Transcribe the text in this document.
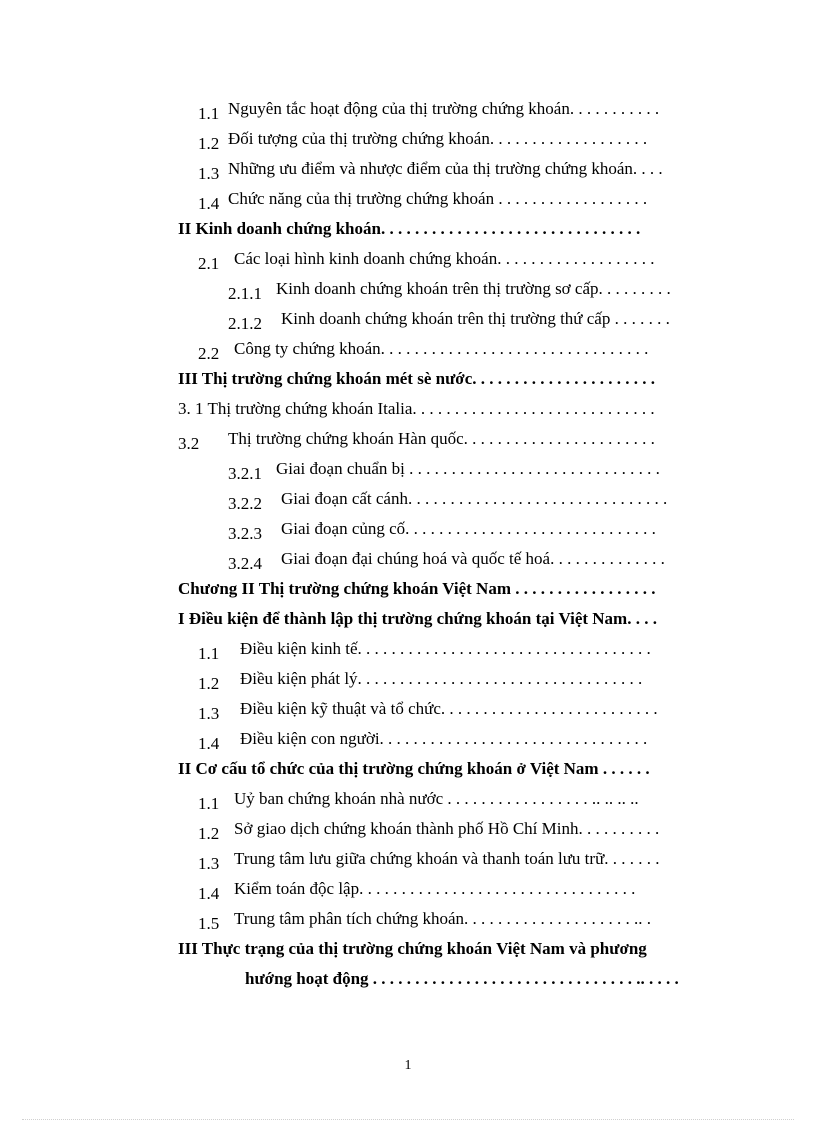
1.1 Nguyên tắc hoạt động của thị trường chứng khoán. . . . . . . . . . .
1.2 Đối tượng của thị trường chứng khoán. . . . . . . . . . . . . . . . . . .
1.3 Những ưu điểm và nhược điểm của thị trường chứng khoán. . . .
1.4 Chức năng của thị trường chứng khoán . . . . . . . . . . . . . . . . . .
II Kinh doanh chứng khoán. . . . . . . . . . . . . . . . . . . . . . . . . . . . . . .
2.1 Các loại hình kinh doanh chứng khoán. . . . . . . . . . . . . . . . . . .
2.1.1 Kinh doanh chứng khoán trên thị trường sơ cấp. . . . . . . . .
2.1.2 Kinh doanh chứng khoán trên thị trường thứ cấp . . . . . . .
2.2 Công ty chứng khoán. . . . . . . . . . . . . . . . . . . . . . . . . . . . . . . .
III Thị trường chứng khoán mét sè nước. . . . . . . . . . . . . . . . . . . . . .
3. 1 Thị trường chứng khoán Italia. . . . . . . . . . . . . . . . . . . . . . . . . . . . .
3.2 Thị trường chứng khoán Hàn quốc. . . . . . . . . . . . . . . . . . . . . . .
3.2.1 Giai đoạn chuẩn bị . . . . . . . . . . . . . . . . . . . . . . . . . . . . . .
3.2.2 Giai đoạn cất cánh. . . . . . . . . . . . . . . . . . . . . . . . . . . . . . .
3.2.3 Giai đoạn củng cố. . . . . . . . . . . . . . . . . . . . . . . . . . . . . .
3.2.4 Giai đoạn đại chúng hoá và quốc tế hoá. . . . . . . . . . . . . .
Chương II Thị trường chứng khoán Việt Nam . . . . . . . . . . . . . . . . .
I Điều kiện để thành lập thị trường chứng khoán tại Việt Nam. . . .
1.1 Điều kiện kinh tế. . . . . . . . . . . . . . . . . . . . . . . . . . . . . . . . . . .
1.2 Điều kiện phát lý. . . . . . . . . . . . . . . . . . . . . . . . . . . . . . . . . .
1.3 Điều kiện kỹ thuật và tổ chức. . . . . . . . . . . . . . . . . . . . . . . . . .
1.4 Điều kiện con người. . . . . . . . . . . . . . . . . . . . . . . . . . . . . . . .
II Cơ cấu tổ chức của thị trường chứng khoán ở Việt Nam . . . . . .
1.1 Uỷ ban chứng khoán nhà nước . . . . . . . . . . . . . . . . . .. .. .. ..
1.2 Sở giao dịch chứng khoán thành phố Hồ Chí Minh. . . . . . . . . .
1.3 Trung tâm lưu giữa chứng khoán và thanh toán lưu trữ. . . . . . .
1.4 Kiểm toán độc lập. . . . . . . . . . . . . . . . . . . . . . . . . . . . . . . . .
1.5 Trung tâm phân tích chứng khoán. . . . . . . . . . . . . . . . . . . . .. .
III Thực trạng của thị trường chứng khoán Việt Nam và phương
hướng hoạt động . . . . . . . . . . . . . . . . . . . . . . . . . . . . . . . .. . . . .
1
